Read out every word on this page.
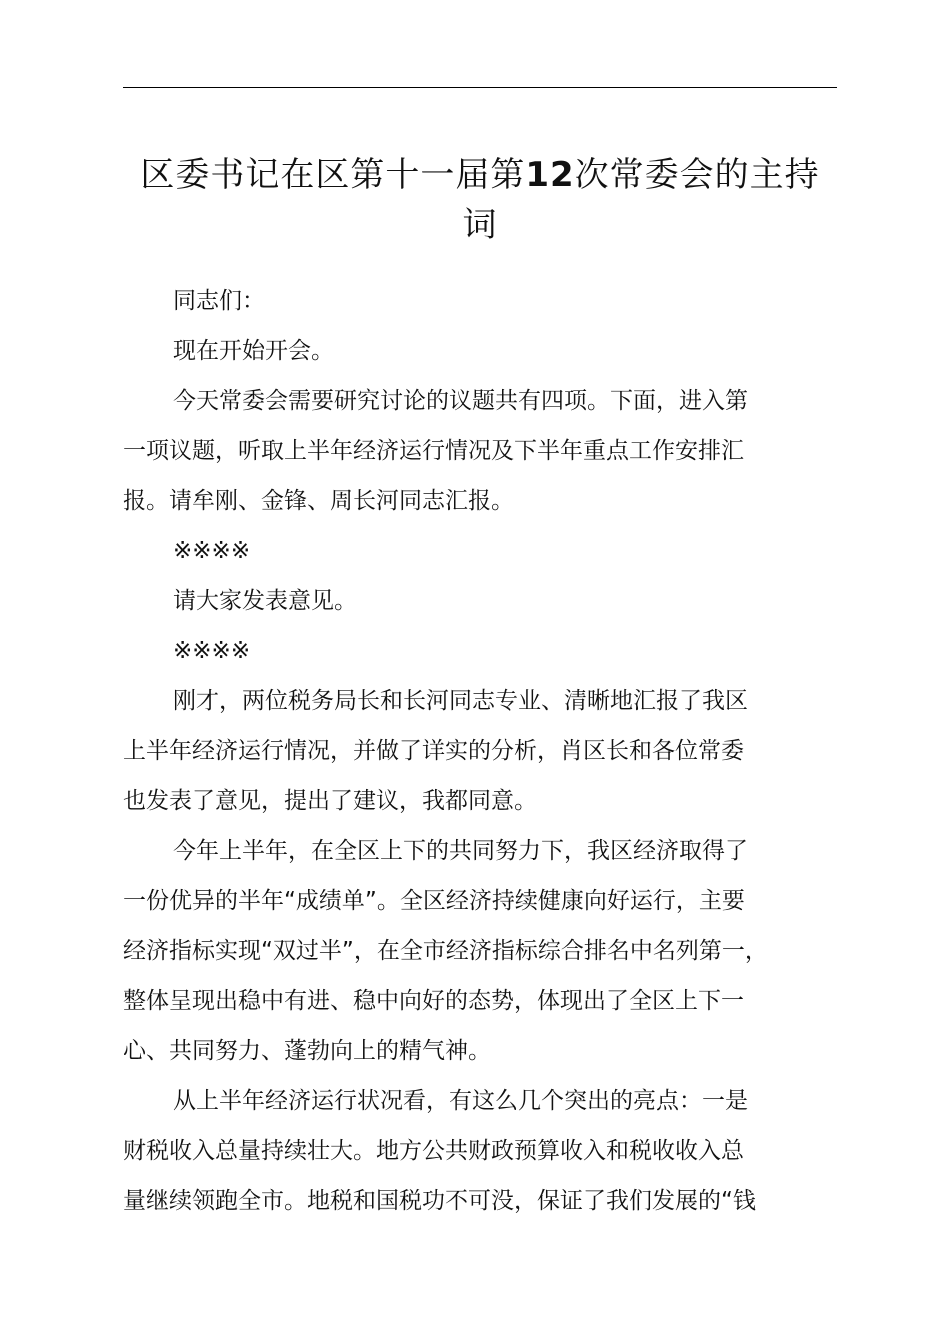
区委书记在区第十一届第12次常委会的主持
词
同志们：
现在开始开会。
今天常委会需要研究讨论的议题共有四项。下面，进入第
一项议题，听取上半年经济运行情况及下半年重点工作安排汇
报。请牟刚、金锋、周长河同志汇报。
※※※※
请大家发表意见。
※※※※
刚才，两位税务局长和长河同志专业、清晰地汇报了我区
上半年经济运行情况，并做了详实的分析，肖区长和各位常委
也发表了意见，提出了建议，我都同意。
今年上半年，在全区上下的共同努力下，我区经济取得了
一份优异的半年“成绩单”。全区经济持续健康向好运行，主要
经济指标实现“双过半”，在全市经济指标综合排名中名列第一，
整体呈现出稳中有进、稳中向好的态势，体现出了全区上下一
心、共同努力、蓬勃向上的精气神。
从上半年经济运行状况看，有这么几个突出的亮点：一是
财税收入总量持续壮大。地方公共财政预算收入和税收收入总
量继续领跑全市。地税和国税功不可没，保证了我们发展的“钱
